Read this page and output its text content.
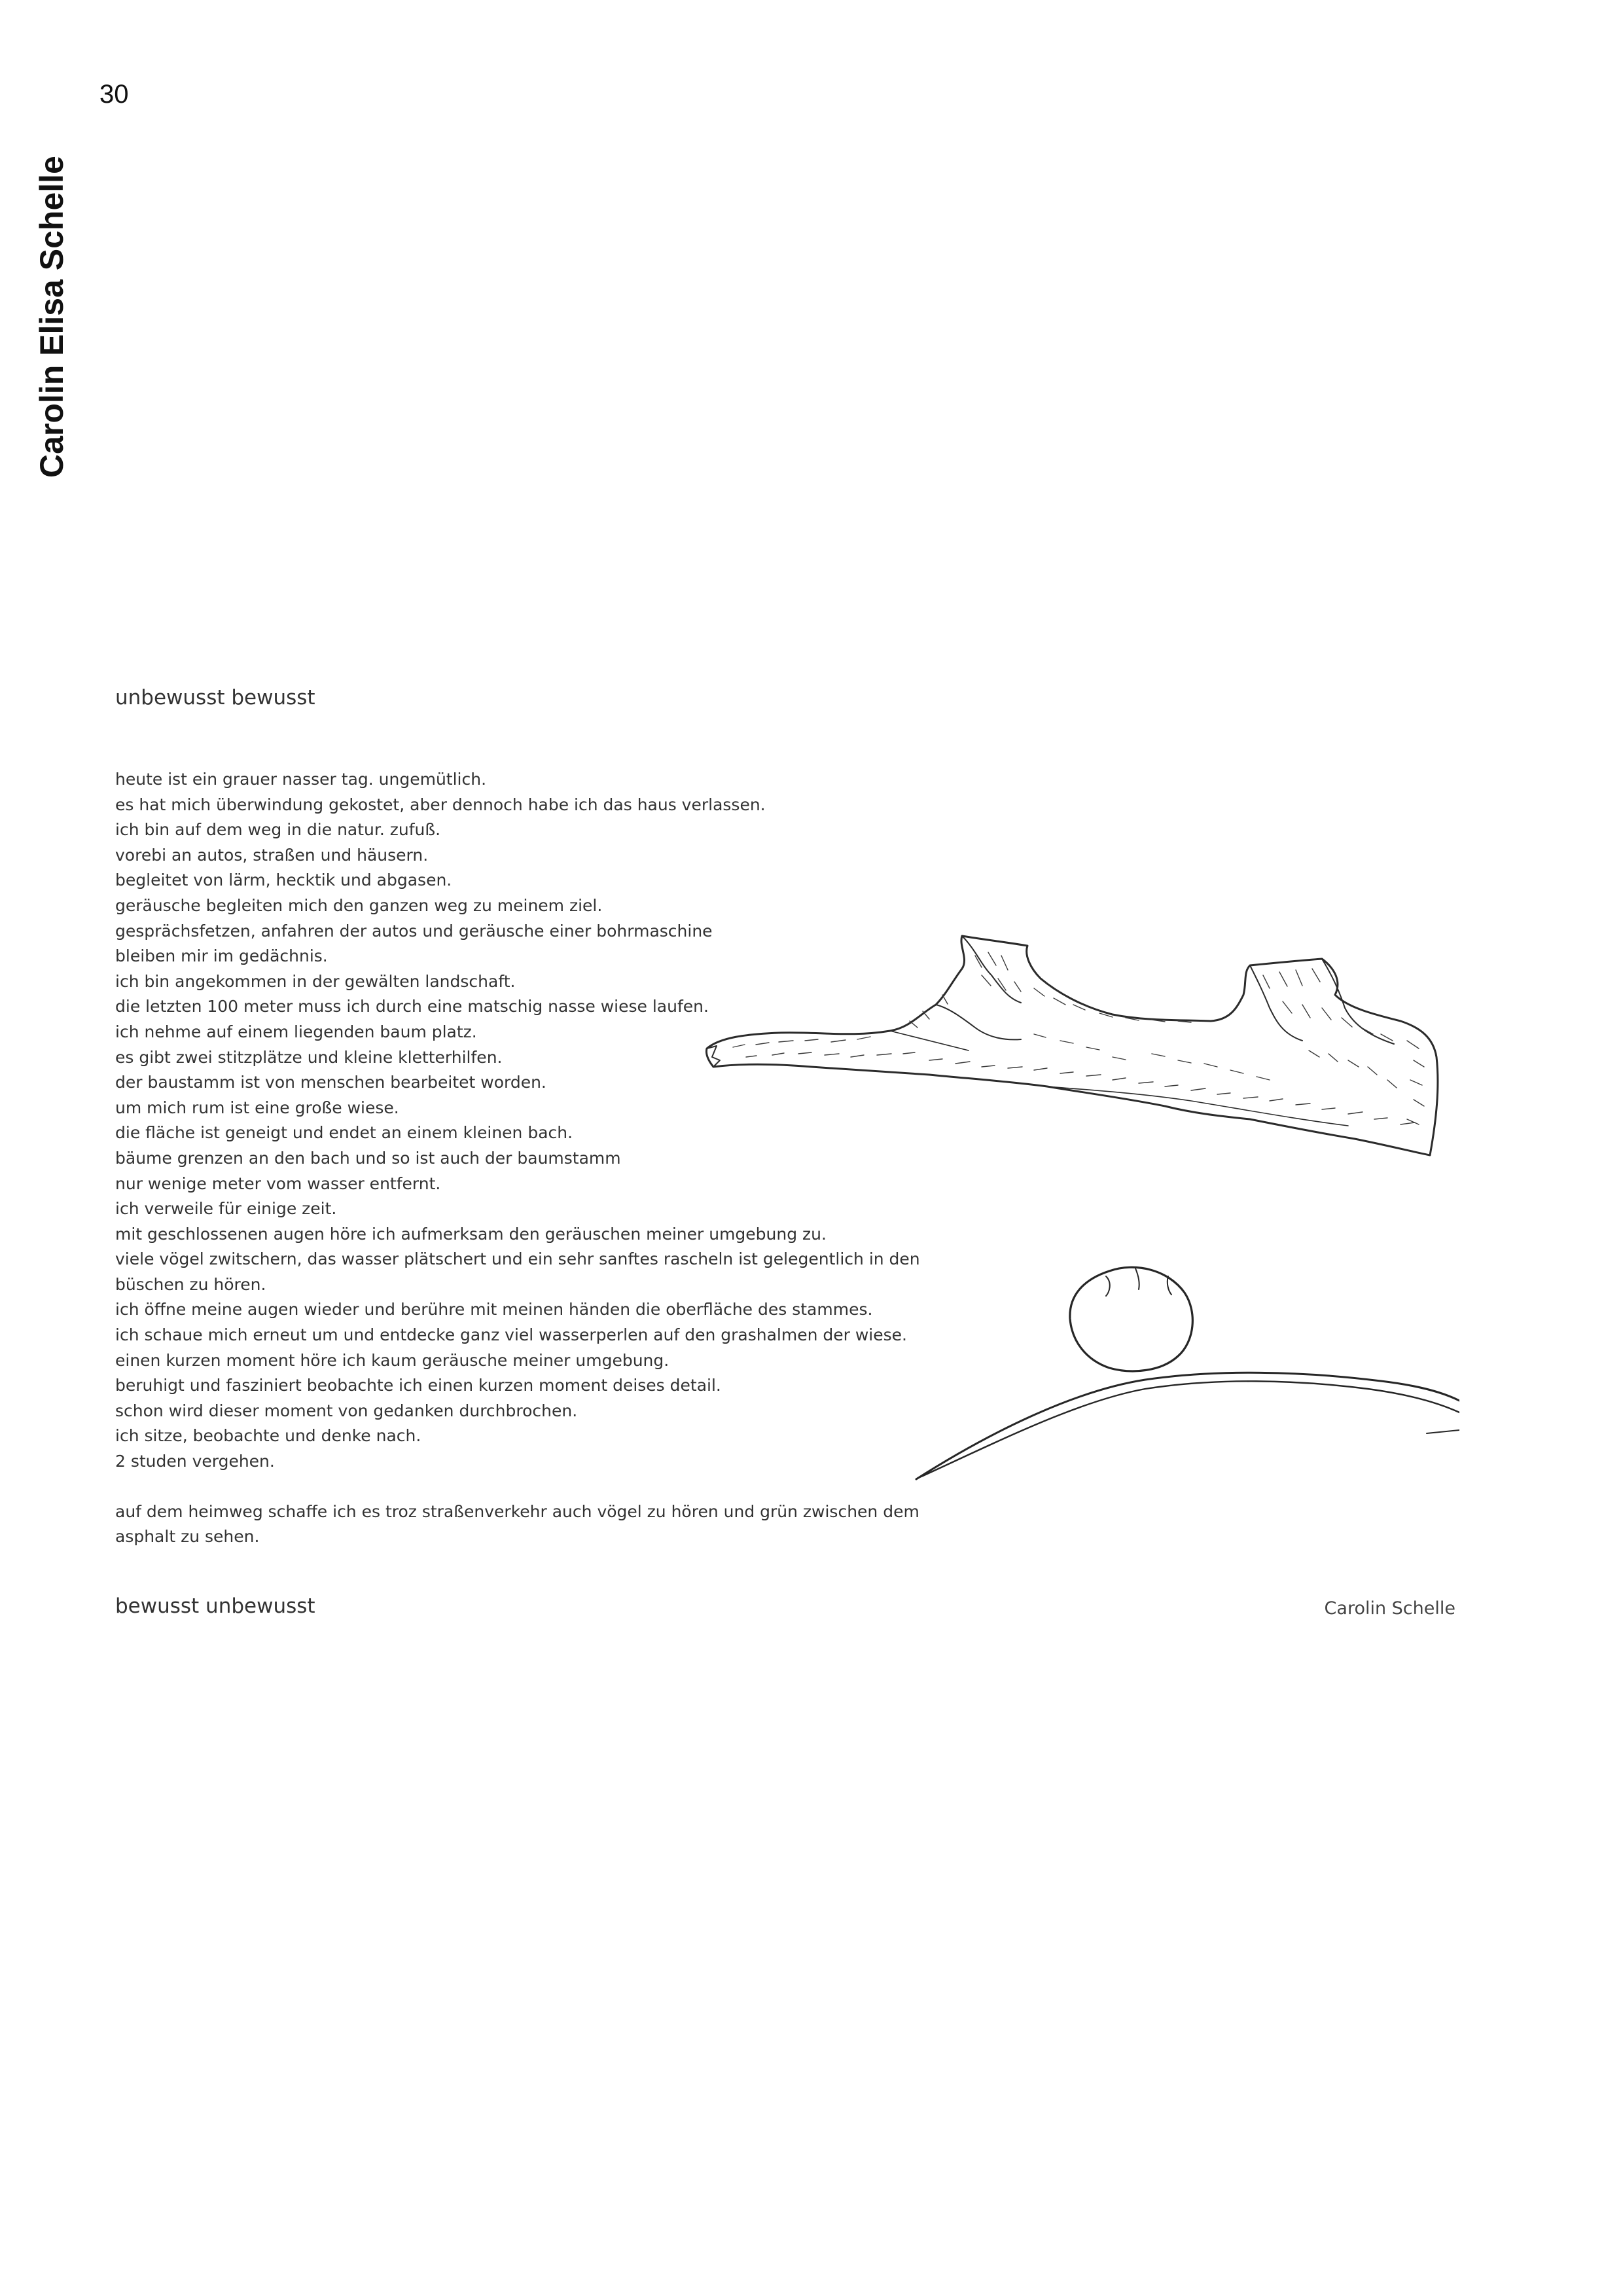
30
Carolin Elisa Schelle
unbewusst bewusst
heute ist ein grauer nasser tag. ungemütlich.
es hat mich überwindung gekostet, aber dennoch habe ich das haus verlassen.
ich bin auf dem weg in die natur. zufuß.
vorebi an autos, straßen und häusern.
begleitet von lärm, hecktik und abgasen.
geräusche begleiten mich den ganzen weg zu meinem ziel.
gesprächsfetzen, anfahren der autos und geräusche einer bohrmaschine
bleiben mir im gedächnis.
ich bin angekommen in der gewälten landschaft.
die letzten 100 meter muss ich durch eine matschig nasse wiese laufen.
ich nehme auf einem liegenden baum platz.
es gibt zwei stitzplätze und kleine kletterhilfen.
der baustamm ist von menschen bearbeitet worden.
um mich rum ist eine große wiese.
die fläche ist geneigt und endet an einem kleinen bach.
bäume grenzen an den bach und so ist auch der baumstamm
nur wenige meter vom wasser entfernt.
ich verweile für einige zeit.
mit geschlossenen augen höre ich aufmerksam den geräuschen meiner umgebung zu.
viele vögel zwitschern, das wasser plätschert und ein sehr sanftes rascheln ist gelegentlich in den
büschen zu hören.
ich öffne meine augen wieder und berühre mit meinen händen die oberfläche des stammes.
ich schaue mich erneut um und entdecke ganz viel wasserperlen auf den grashalmen der wiese.
einen kurzen moment höre ich kaum geräusche meiner umgebung.
beruhigt und fasziniert beobachte ich einen kurzen moment deises detail.
schon wird dieser moment von gedanken durchbrochen.
ich sitze, beobachte und denke nach.
2 studen vergehen.
auf dem heimweg schaffe ich es troz straßenverkehr auch vögel zu hören und grün zwischen dem
asphalt zu sehen.
bewusst unbewusst	Carolin Schelle
